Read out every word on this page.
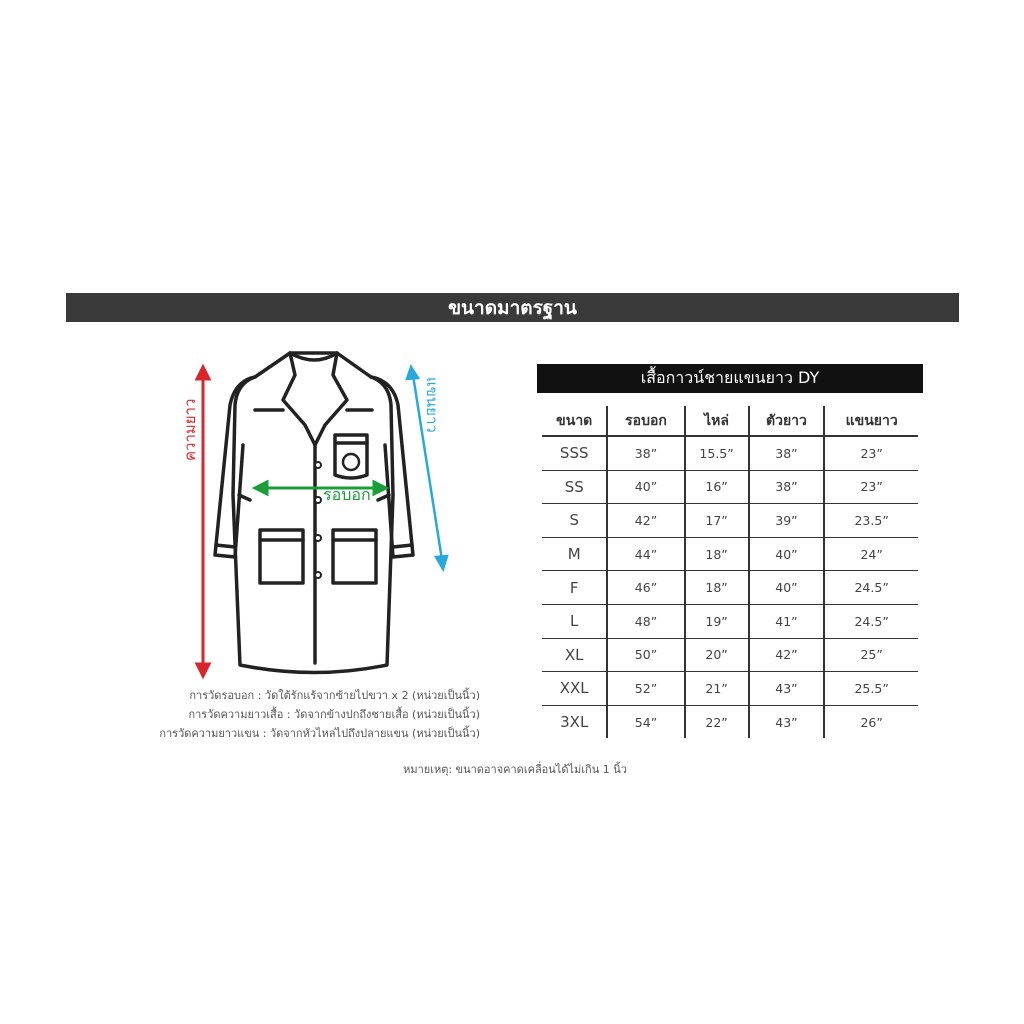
ขนาดมาตรฐาน
ความยาว	แขนยาว
รอบอก
การวัดรอบอก : วัดใต้รักแร้จากซ้ายไปขวา x 2 (หน่วยเป็นนิ้ว)
การวัดความยาวเสื้อ : วัดจากข้างปกถึงชายเสื้อ (หน่วยเป็นนิ้ว)
การวัดความยาวแขน : วัดจากหัวไหล่ไปถึงปลายแขน (หน่วยเป็นนิ้ว)
หมายเหตุ: ขนาดอาจคาดเคลื่อนได้ไม่เกิน 1 นิ้ว
เสื้อกาวน์ชายแขนยาว DY
ขนาด	รอบอก	ไหล่	ตัวยาว	แขนยาว
SSS	38”	15.5”	38”	23”
SS	40”	16”	38”	23”
S	42”	17”	39”	23.5”
M	44”	18”	40”	24”
F	46”	18”	40”	24.5”
L	48”	19”	41”	24.5”
XL	50”	20”	42”	25”
XXL	52”	21”	43”	25.5”
3XL	54”	22”	43”	26”
